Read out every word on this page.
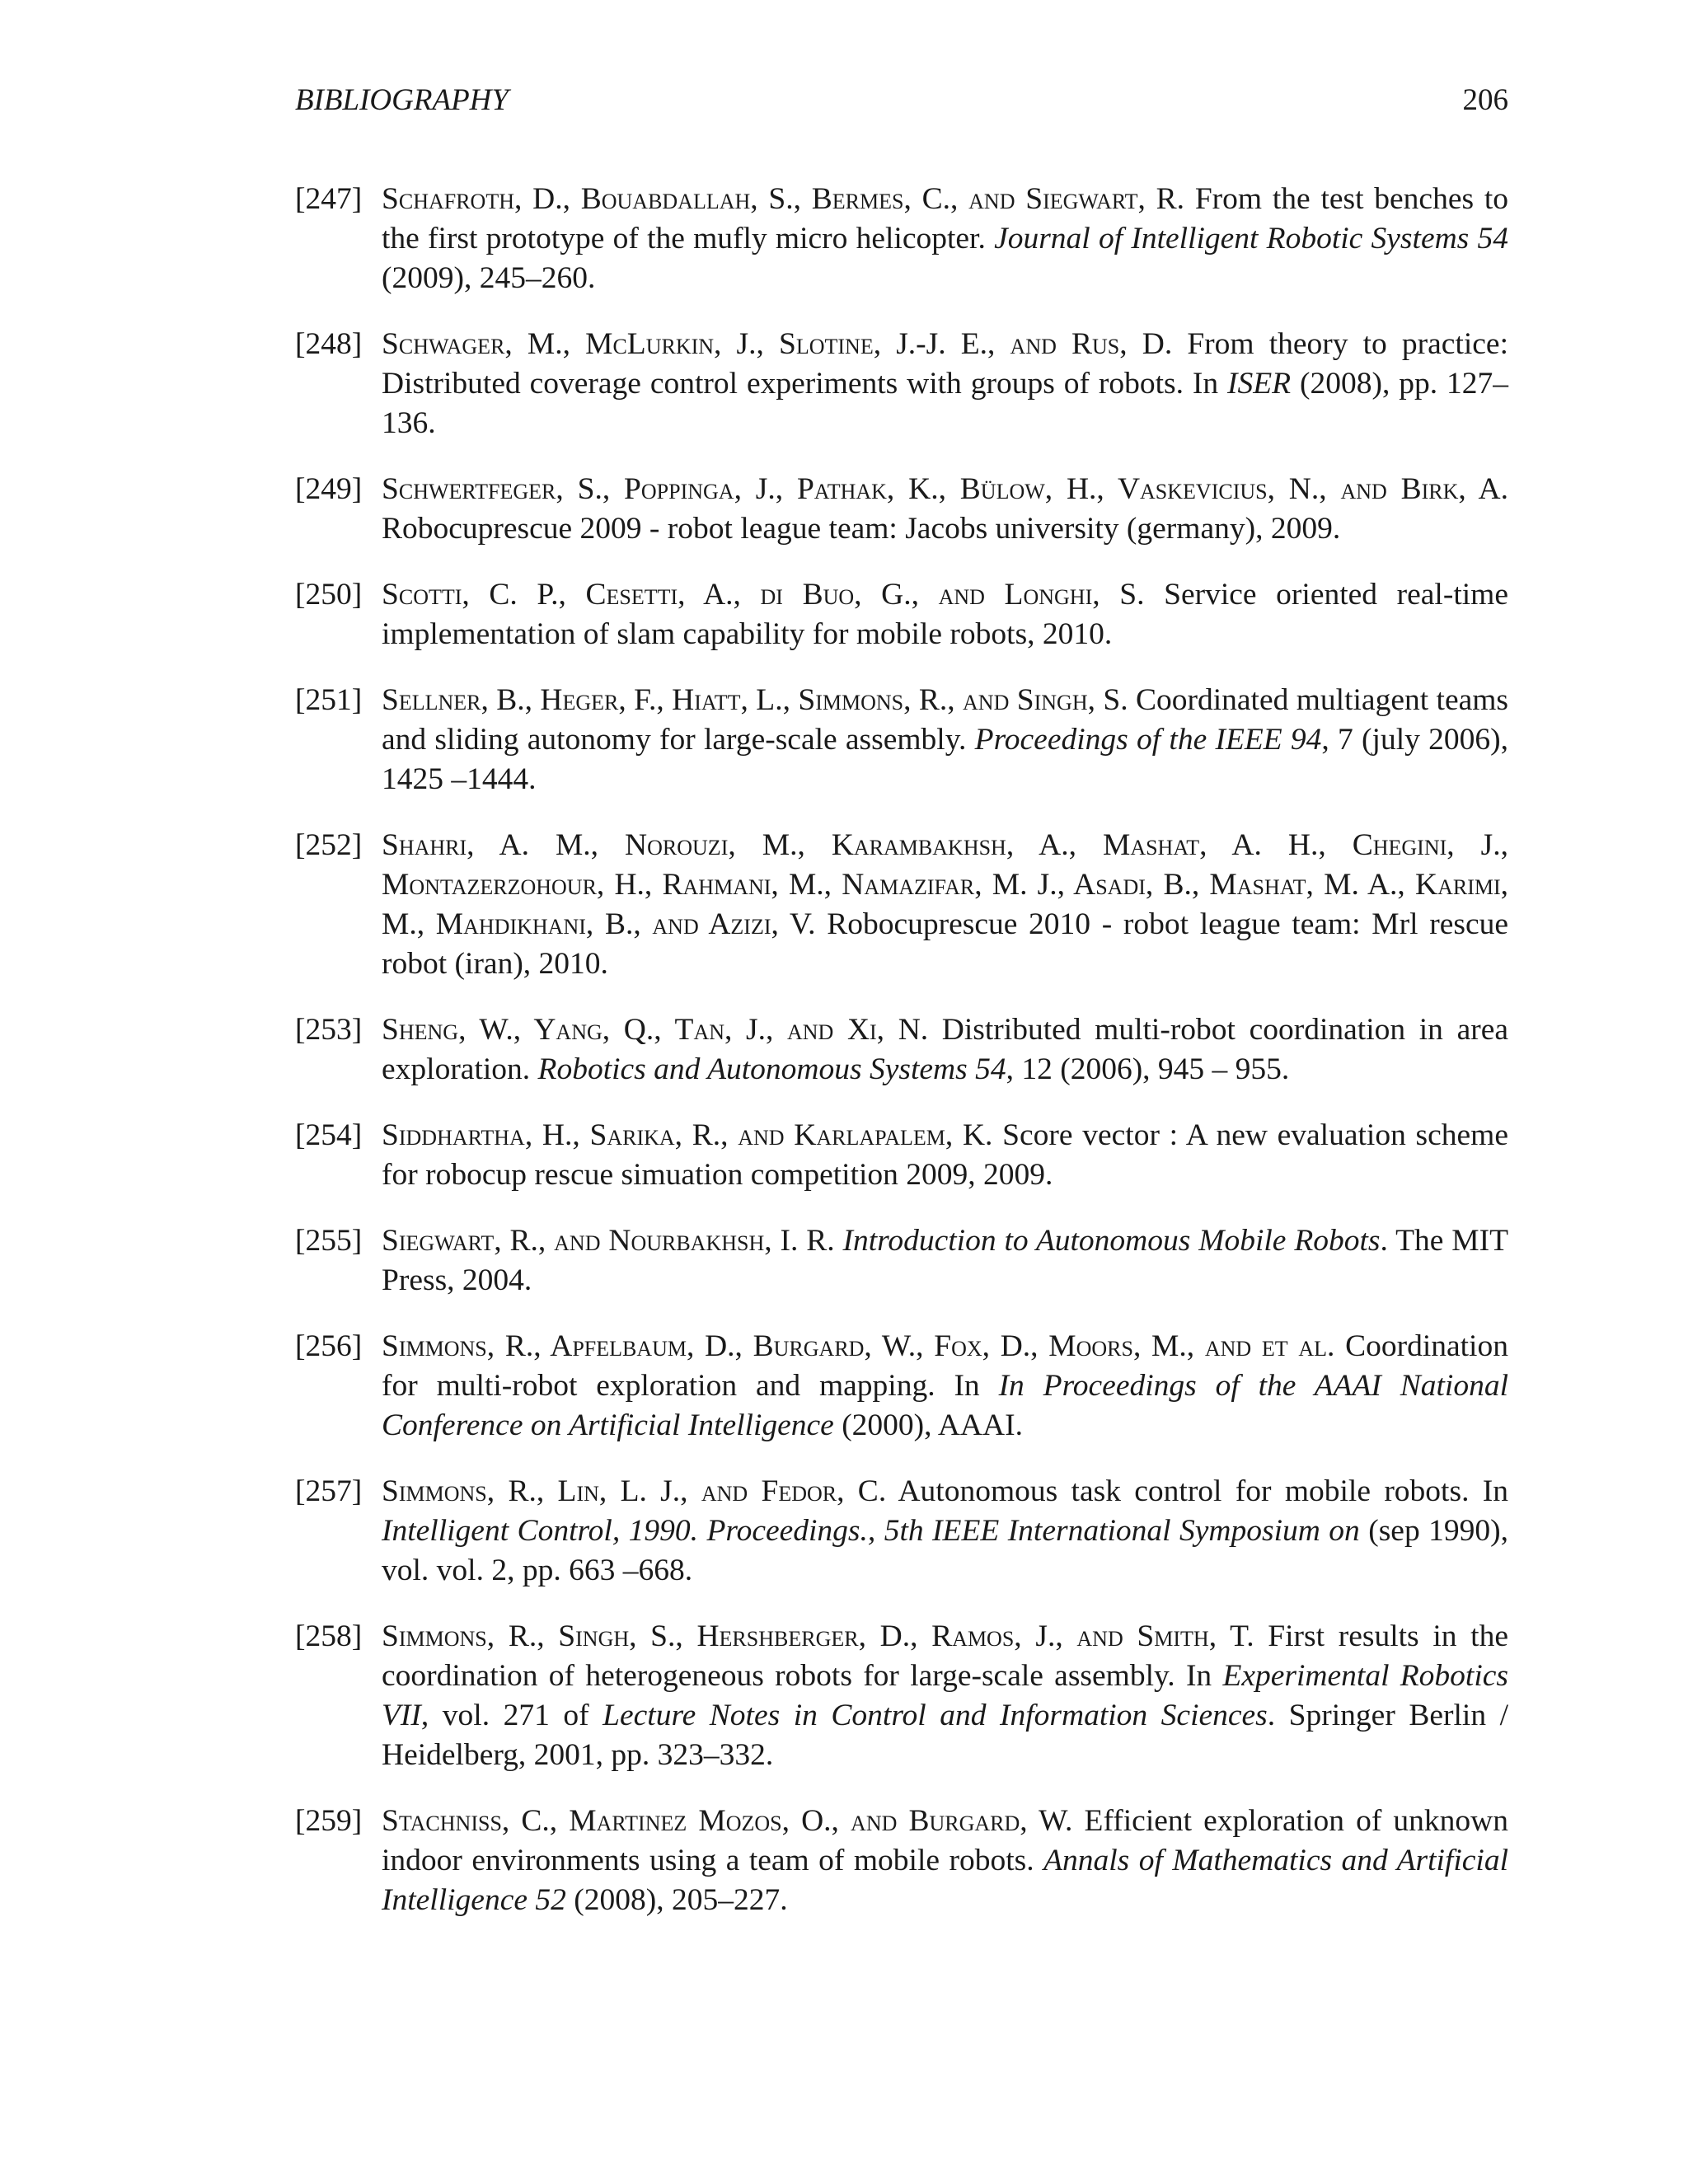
BIBLIOGRAPHY	206
[247] Schafroth, D., Bouabdallah, S., Bermes, C., and Siegwart, R. From the test benches to the first prototype of the mufly micro helicopter. Journal of Intelligent Robotic Systems 54 (2009), 245–260.
[248] Schwager, M., McLurkin, J., Slotine, J.-J. E., and Rus, D. From theory to practice: Distributed coverage control experiments with groups of robots. In ISER (2008), pp. 127–136.
[249] Schwertfeger, S., Poppinga, J., Pathak, K., Bülow, H., Vaskevicius, N., and Birk, A. Robocuprescue 2009 - robot league team: Jacobs university (germany), 2009.
[250] Scotti, C. P., Cesetti, A., di Buo, G., and Longhi, S. Service oriented real-time implementation of slam capability for mobile robots, 2010.
[251] Sellner, B., Heger, F., Hiatt, L., Simmons, R., and Singh, S. Coordinated multiagent teams and sliding autonomy for large-scale assembly. Proceedings of the IEEE 94, 7 (july 2006), 1425 –1444.
[252] Shahri, A. M., Norouzi, M., Karambakhsh, A., Mashat, A. H., Chegini, J., Montazerzohour, H., Rahmani, M., Namazifar, M. J., Asadi, B., Mashat, M. A., Karimi, M., Mahdikhani, B., and Azizi, V. Robocuprescue 2010 - robot league team: Mrl rescue robot (iran), 2010.
[253] Sheng, W., Yang, Q., Tan, J., and Xi, N. Distributed multi-robot coordination in area exploration. Robotics and Autonomous Systems 54, 12 (2006), 945 – 955.
[254] Siddhartha, H., Sarika, R., and Karlapalem, K. Score vector : A new evaluation scheme for robocup rescue simuation competition 2009, 2009.
[255] Siegwart, R., and Nourbakhsh, I. R. Introduction to Autonomous Mobile Robots. The MIT Press, 2004.
[256] Simmons, R., Apfelbaum, D., Burgard, W., Fox, D., Moors, M., and et al. Coordination for multi-robot exploration and mapping. In In Proceedings of the AAAI National Conference on Artificial Intelligence (2000), AAAI.
[257] Simmons, R., Lin, L. J., and Fedor, C. Autonomous task control for mobile robots. In Intelligent Control, 1990. Proceedings., 5th IEEE International Symposium on (sep 1990), vol. vol. 2, pp. 663 –668.
[258] Simmons, R., Singh, S., Hershberger, D., Ramos, J., and Smith, T. First results in the coordination of heterogeneous robots for large-scale assembly. In Experimental Robotics VII, vol. 271 of Lecture Notes in Control and Information Sciences. Springer Berlin / Heidelberg, 2001, pp. 323–332.
[259] Stachniss, C., Martinez Mozos, O., and Burgard, W. Efficient exploration of unknown indoor environments using a team of mobile robots. Annals of Mathematics and Artificial Intelligence 52 (2008), 205–227.
